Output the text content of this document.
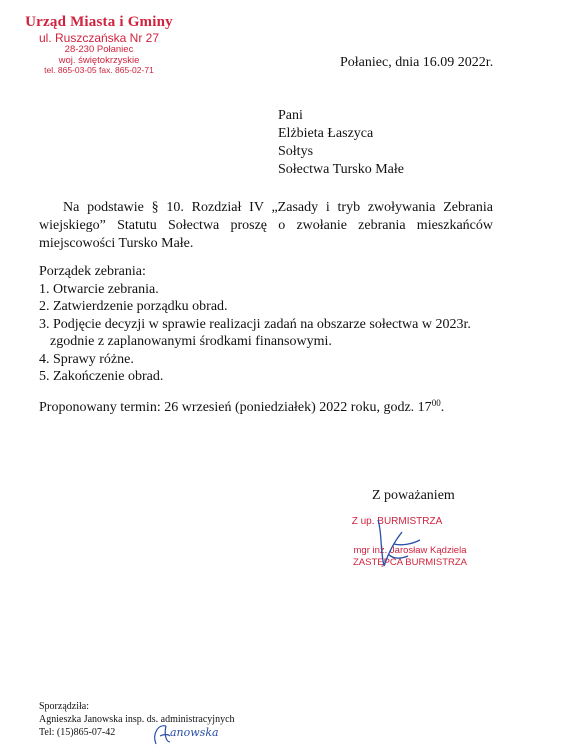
Urząd Miasta i Gminy
ul. Ruszczańska Nr 27
28-230 Połaniec
woj. świętokrzyskie
tel. 865-03-05 fax. 865-02-71	Połaniec, dnia 16.09 2022r.
Pani
Elżbieta Łaszyca
Sołtys
Sołectwa Tursko Małe
Na podstawie § 10. Rozdział IV „Zasady i tryb zwoływania Zebrania wiejskiego” Statutu Sołectwa proszę o zwołanie zebrania mieszkańców miejscowości Tursko Małe.
Porządek zebrania:
1. Otwarcie zebrania.
2. Zatwierdzenie porządku obrad.
3. Podjęcie decyzji w sprawie realizacji zadań na obszarze sołectwa w 2023r.
zgodnie z zaplanowanymi środkami finansowymi.
4. Sprawy różne.
5. Zakończenie obrad.
Proponowany termin: 26 wrzesień (poniedziałek) 2022 roku, godz. $17^{00}$.
Z poważaniem
Z up. BURMISTRZA
mgr inż. Jarosław Kądziela
ZASTĘPCA BURMISTRZA
Sporządziła:
Agnieszka Janowska insp. ds. administracyjnych
Tel: (15)865-07-42	anowska
